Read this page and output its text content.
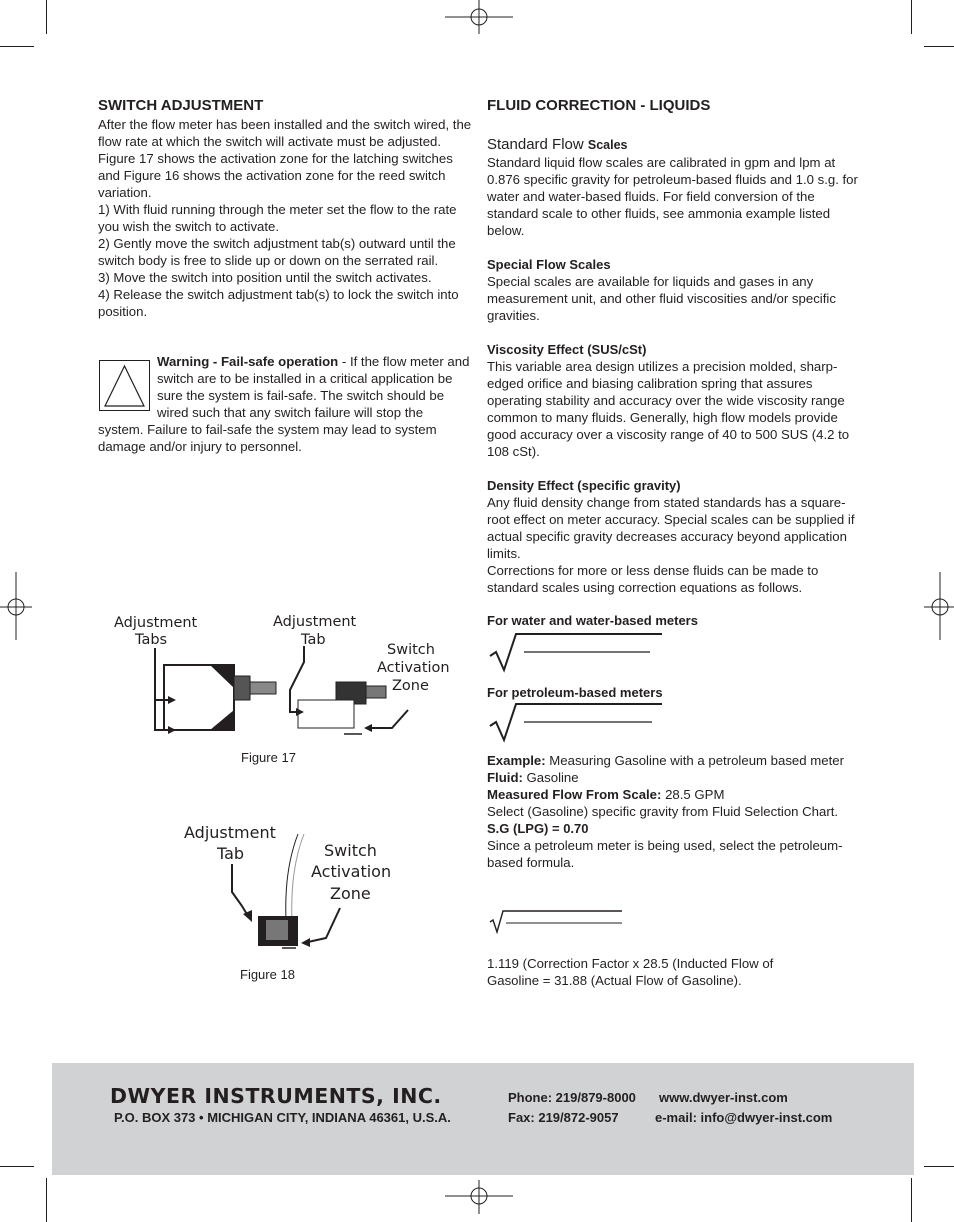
SWITCH ADJUSTMENT

After the flow meter has been installed and the switch wired, the flow rate at which the switch will activate must be adjusted. Figure 17 shows the activation zone for the latching switches and Figure 16 shows the activation zone for the reed switch variation.

1) With fluid running through the meter set the flow to the rate you wish the switch to activate.

2) Gently move the switch adjustment tab(s) outward until the switch body is free to slide up or down on the serrated rail.

3) Move the switch into position until the switch activates.

4) Release the switch adjustment tab(s) to lock the switch into position.

Warning - Fail-safe operation - If the flow meter and switch are to be installed in a critical application be sure the system is fail-safe. The switch should be wired such that any switch failure will stop the system. Failure to fail-safe the system may lead to system damage and/or injury to personnel.
Adjustment
Tabs
Adjustment
Tab
Switch
Activation
Zone
Figure 17
Adjustment
Tab	Switch
Activation
Zone
Figure 18

FLUID CORRECTION - LIQUIDS

Standard Flow Scales

Standard liquid flow scales are calibrated in gpm and lpm at 0.876 specific gravity for petroleum-based fluids and 1.0 s.g. for water and water-based fluids. For field conversion of the standard scale to other fluids, see ammonia example listed below.

Special Flow Scales

Special scales are available for liquids and gases in any measurement unit, and other fluid viscosities and/or specific gravities.

Viscosity Effect (SUS/cSt)

This variable area design utilizes a precision molded, sharp-edged orifice and biasing calibration spring that assures operating stability and accuracy over the wide viscosity range common to many fluids. Generally, high flow models provide good accuracy over a viscosity range of 40 to 500 SUS (4.2 to 108 cSt).

Density Effect (specific gravity)

Any fluid density change from stated standards has a square-root effect on meter accuracy. Special scales can be supplied if actual specific gravity decreases accuracy beyond application limits.

Corrections for more or less dense fluids can be made to standard scales using correction equations as follows.

For water and water-based meters

For petroleum-based meters

Example: Measuring Gasoline with a petroleum based meter

Fluid: Gasoline

Measured Flow From Scale: 28.5 GPM

Select (Gasoline) specific gravity from Fluid Selection Chart.

S.G (LPG) = 0.70

Since a petroleum meter is being used, select the petroleum-based formula.

1.119 (Correction Factor x 28.5 (Inducted Flow of Gasoline = 31.88 (Actual Flow of Gasoline).
DWYER INSTRUMENTS, INC.	Phone: 219/879-8000 www.dwyer-inst.com
P.O. BOX 373 • MICHIGAN CITY, INDIANA 46361, U.S.A.	Fax: 219/872-9057	e-mail: info@dwyer-inst.com
